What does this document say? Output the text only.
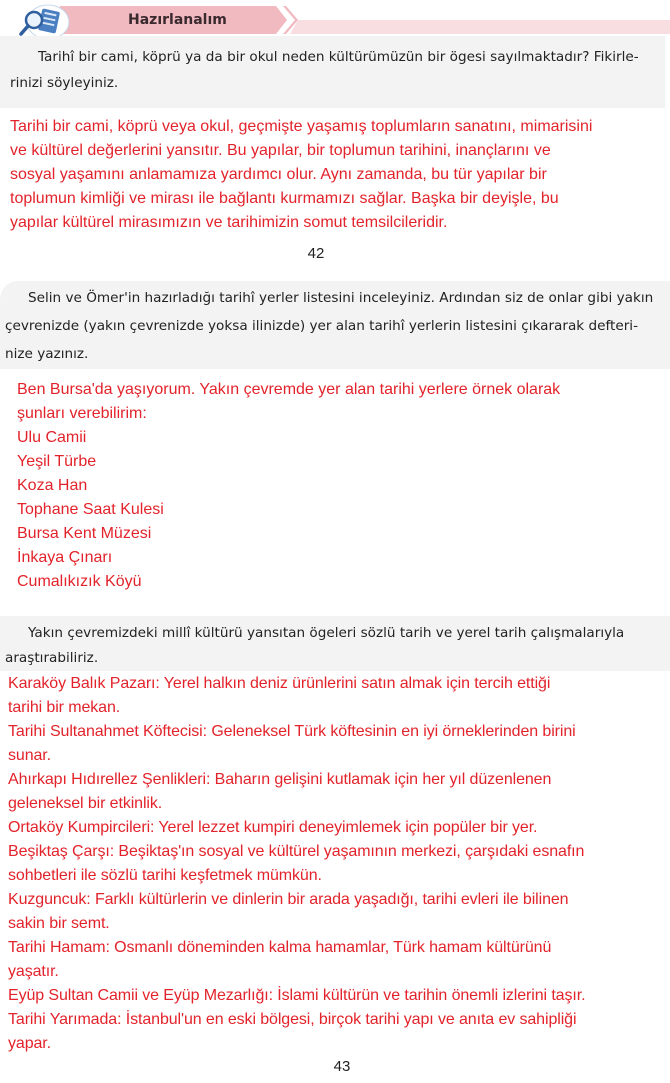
Hazırlanalım
Tarihî bir cami, köprü ya da bir okul neden kültürümüzün bir ögesi sayılmaktadır? Fikirle-
rinizi söyleyiniz.
Tarihi bir cami, köprü veya okul, geçmişte yaşamış toplumların sanatını, mimarisini
ve kültürel değerlerini yansıtır. Bu yapılar, bir toplumun tarihini, inançlarını ve
sosyal yaşamını anlamamıza yardımcı olur. Aynı zamanda, bu tür yapılar bir
toplumun kimliği ve mirası ile bağlantı kurmamızı sağlar. Başka bir deyişle, bu
yapılar kültürel mirasımızın ve tarihimizin somut temsilcileridir.
42
Selin ve Ömer'in hazırladığı tarihî yerler listesini inceleyiniz. Ardından siz de onlar gibi yakın
çevrenizde (yakın çevrenizde yoksa ilinizde) yer alan tarihî yerlerin listesini çıkararak defteri-
nize yazınız.
Ben Bursa'da yaşıyorum. Yakın çevremde yer alan tarihi yerlere örnek olarak
şunları verebilirim:
Ulu Camii
Yeşil Türbe
Koza Han
Tophane Saat Kulesi
Bursa Kent Müzesi
İnkaya Çınarı
Cumalıkızık Köyü
Yakın çevremizdeki millî kültürü yansıtan ögeleri sözlü tarih ve yerel tarih çalışmalarıyla
araştırabiliriz.
Karaköy Balık Pazarı: Yerel halkın deniz ürünlerini satın almak için tercih ettiği
tarihi bir mekan.
Tarihi Sultanahmet Köftecisi: Geleneksel Türk köftesinin en iyi örneklerinden birini
sunar.
Ahırkapı Hıdırellez Şenlikleri: Baharın gelişini kutlamak için her yıl düzenlenen
geleneksel bir etkinlik.
Ortaköy Kumpircileri: Yerel lezzet kumpiri deneyimlemek için popüler bir yer.
Beşiktaş Çarşı: Beşiktaş'ın sosyal ve kültürel yaşamının merkezi, çarşıdaki esnafın
sohbetleri ile sözlü tarihi keşfetmek mümkün.
Kuzguncuk: Farklı kültürlerin ve dinlerin bir arada yaşadığı, tarihi evleri ile bilinen
sakin bir semt.
Tarihi Hamam: Osmanlı döneminden kalma hamamlar, Türk hamam kültürünü
yaşatır.
Eyüp Sultan Camii ve Eyüp Mezarlığı: İslami kültürün ve tarihin önemli izlerini taşır.
Tarihi Yarımada: İstanbul'un en eski bölgesi, birçok tarihi yapı ve anıta ev sahipliği
yapar.
43
